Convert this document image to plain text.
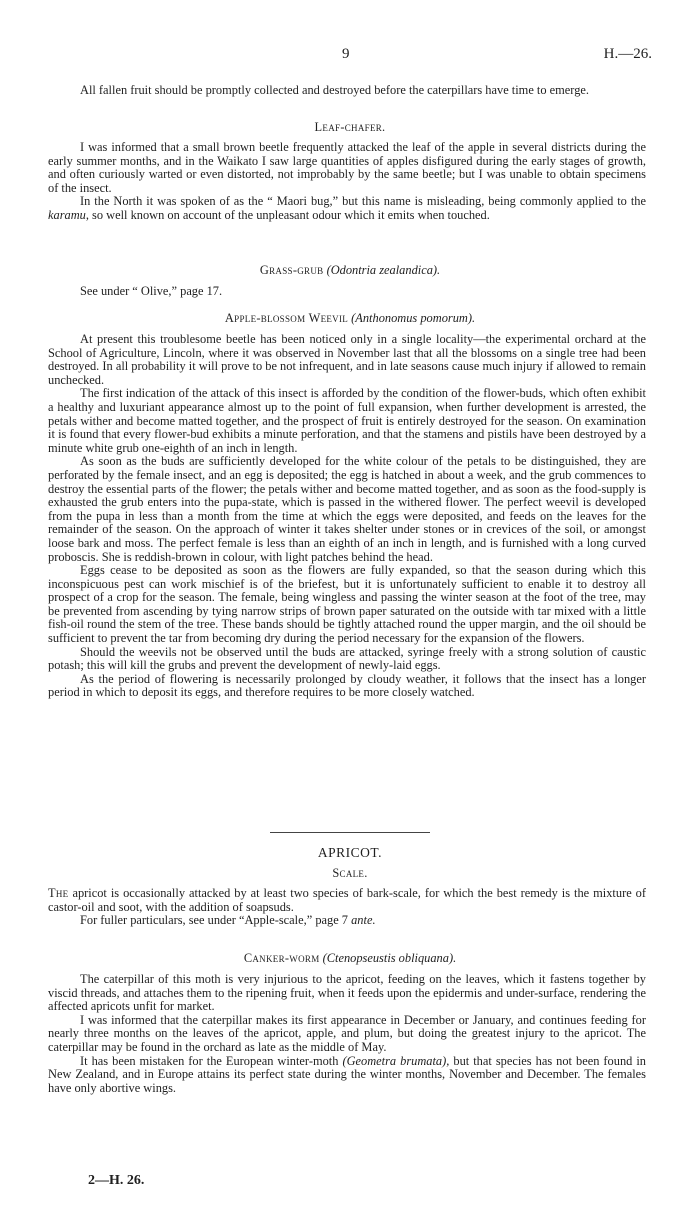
9	H.—26.

All fallen fruit should be promptly collected and destroyed before the caterpillars have time to emerge.

Leaf-chafer.

I was informed that a small brown beetle frequently attacked the leaf of the apple in several districts during the early summer months, and in the Waikato I saw large quantities of apples disfigured during the early stages of growth, and often curiously warted or even distorted, not improbably by the same beetle; but I was unable to obtain specimens of the insect.

In the North it was spoken of as the “ Maori bug,” but this name is misleading, being commonly applied to the karamu, so well known on account of the unpleasant odour which it emits when touched.

Grass-grub (Odontria zealandica).

See under “ Olive,” page 17.

Apple-blossom Weevil (Anthonomus pomorum).

At present this troublesome beetle has been noticed only in a single locality—the experimental orchard at the School of Agriculture, Lincoln, where it was observed in November last that all the blossoms on a single tree had been destroyed. In all probability it will prove to be not infrequent, and in late seasons cause much injury if allowed to remain unchecked.

The first indication of the attack of this insect is afforded by the condition of the flower-buds, which often exhibit a healthy and luxuriant appearance almost up to the point of full expansion, when further development is arrested, the petals wither and become matted together, and the prospect of fruit is entirely destroyed for the season. On examination it is found that every flower-bud exhibits a minute perforation, and that the stamens and pistils have been destroyed by a minute white grub one-eighth of an inch in length.

As soon as the buds are sufficiently developed for the white colour of the petals to be distinguished, they are perforated by the female insect, and an egg is deposited; the egg is hatched in about a week, and the grub commences to destroy the essential parts of the flower; the petals wither and become matted together, and as soon as the food-supply is exhausted the grub enters into the pupa-state, which is passed in the withered flower. The perfect weevil is developed from the pupa in less than a month from the time at which the eggs were deposited, and feeds on the leaves for the remainder of the season. On the approach of winter it takes shelter under stones or in crevices of the soil, or amongst loose bark and moss. The perfect female is less than an eighth of an inch in length, and is furnished with a long curved proboscis. She is reddish-brown in colour, with light patches behind the head.

Eggs cease to be deposited as soon as the flowers are fully expanded, so that the season during which this inconspicuous pest can work mischief is of the briefest, but it is unfortunately sufficient to enable it to destroy all prospect of a crop for the season. The female, being wingless and passing the winter season at the foot of the tree, may be prevented from ascending by tying narrow strips of brown paper saturated on the outside with tar mixed with a little fish-oil round the stem of the tree. These bands should be tightly attached round the upper margin, and the oil should be sufficient to prevent the tar from becoming dry during the period necessary for the expansion of the flowers.

Should the weevils not be observed until the buds are attacked, syringe freely with a strong solution of caustic potash; this will kill the grubs and prevent the development of newly-laid eggs.

As the period of flowering is necessarily prolonged by cloudy weather, it follows that the insect has a longer period in which to deposit its eggs, and therefore requires to be more closely watched.

APRICOT.
Scale.

The apricot is occasionally attacked by at least two species of bark-scale, for which the best remedy is the mixture of castor-oil and soot, with the addition of soapsuds.

For fuller particulars, see under “Apple-scale,” page 7 ante.

Canker-worm (Ctenopseustis obliquana).

The caterpillar of this moth is very injurious to the apricot, feeding on the leaves, which it fastens together by viscid threads, and attaches them to the ripening fruit, when it feeds upon the epidermis and under-surface, rendering the affected apricots unfit for market.

I was informed that the caterpillar makes its first appearance in December or January, and continues feeding for nearly three months on the leaves of the apricot, apple, and plum, but doing the greatest injury to the apricot. The caterpillar may be found in the orchard as late as the middle of May.

It has been mistaken for the European winter-moth (Geometra brumata), but that species has not been found in New Zealand, and in Europe attains its perfect state during the winter months, November and December. The females have only abortive wings.

2—H. 26.
